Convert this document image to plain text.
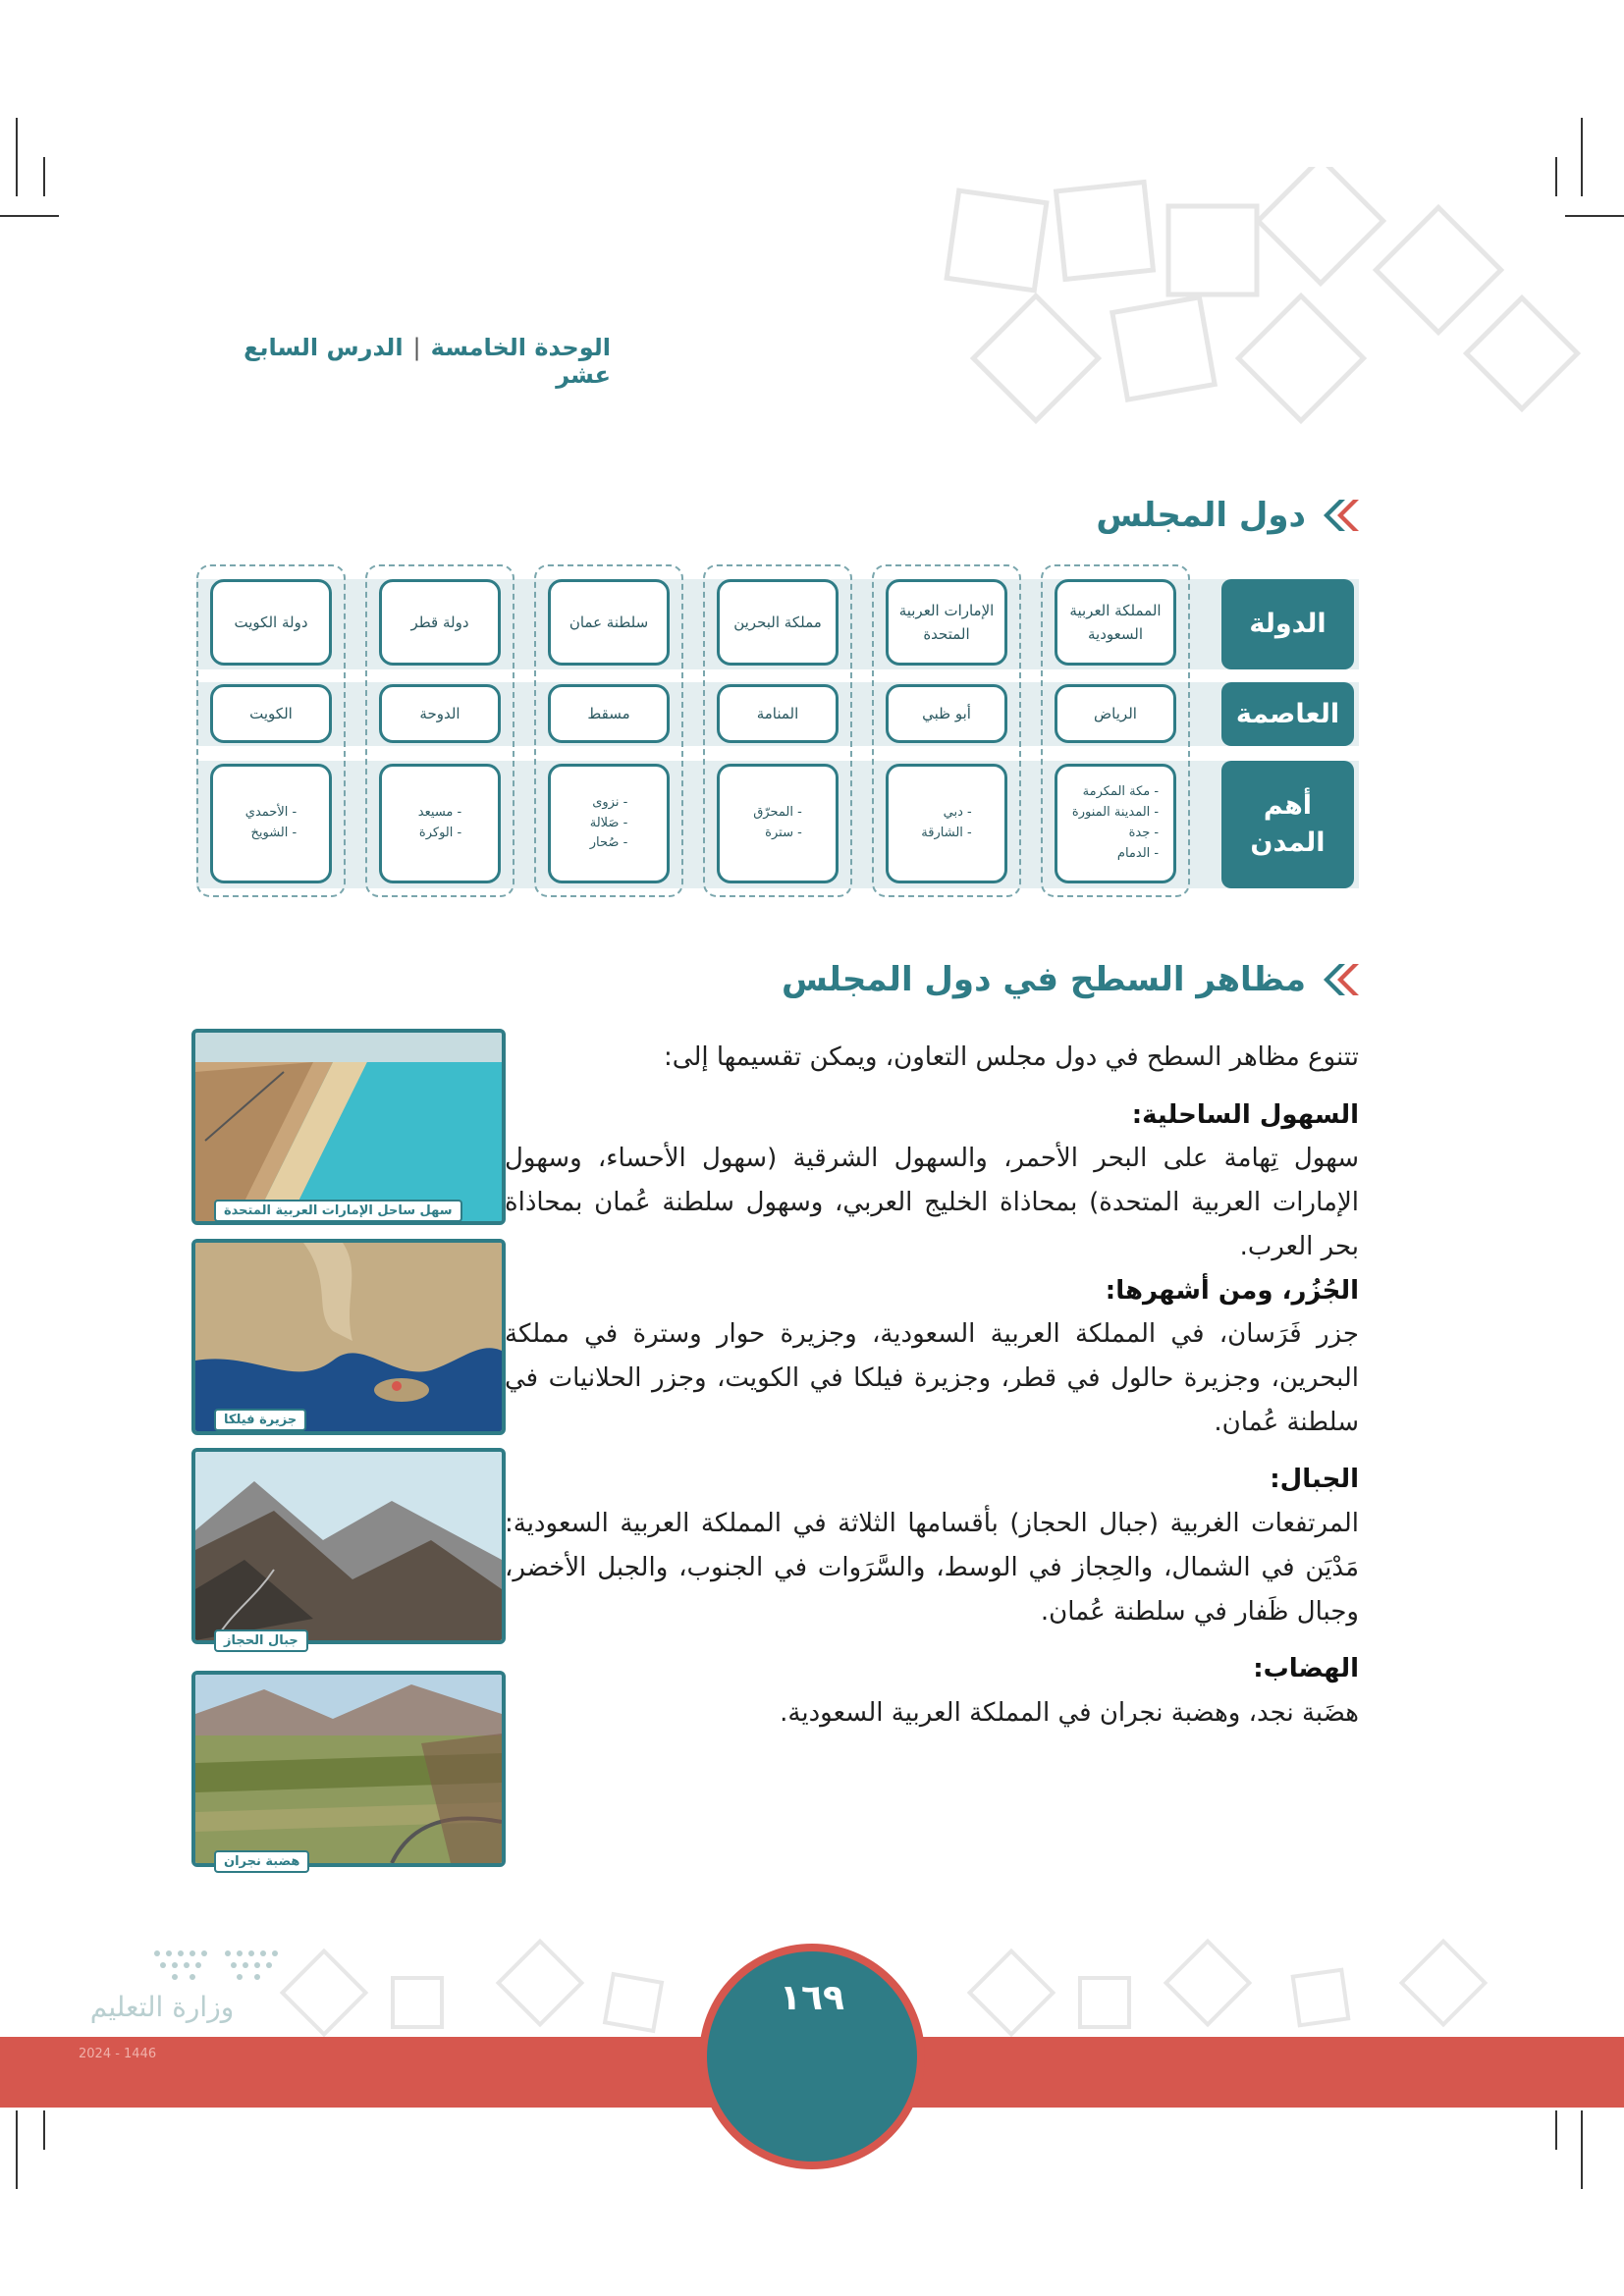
الوحدة الخامسة|الدرس السابع عشر
دول المجلس
الدولة
العاصمة
أهم المدن
المملكة العربية السعودية
الرياض
- مكة المكرمة
- المدينة المنورة
- جدة
- الدمام
الإمارات العربية المتحدة
أبو ظبي
- دبي
- الشارقة
مملكة البحرين
المنامة
- المحرّق
- سترة
سلطنة عمان
مسقط
- نزوى
- صَلالة
- صُحار
دولة قطر
الدوحة
- مسيعد
- الوكرة
دولة الكويت
الكويت
- الأحمدي
- الشويخ
مظاهر السطح في دول المجلس

تتنوع مظاهر السطح في دول مجلس التعاون، ويمكن تقسيمها إلى:

السهول الساحلية:

سهول تِهامة على البحر الأحمر، والسهول الشرقية (سهول الأحساء، وسهول الإمارات العربية المتحدة) بمحاذاة الخليج العربي، وسهول سلطنة عُمان بمحاذاة بحر العرب.

الجُزُر، ومن أشهرها:

جزر فَرَسان، في المملكة العربية السعودية، وجزيرة حوار وسترة في مملكة البحرين، وجزيرة حالول في قطر، وجزيرة فيلكا في الكويت، وجزر الحلانيات في سلطنة عُمان.

الجبال:

المرتفعات الغربية (جبال الحجاز) بأقسامها الثلاثة في المملكة العربية السعودية: مَدْيَن في الشمال، والحِجاز في الوسط، والسَّرَوات في الجنوب، والجبل الأخضر، وجبال ظَفار في سلطنة عُمان.

الهضاب:

هضَبة نجد، وهضبة نجران في المملكة العربية السعودية.

سهل ساحل الإمارات العربية المتحدة
جزيرة فيلكا
جبال الحجاز
هضبة نجران
١٦٩
وزارة التعليم
2024 - 1446
